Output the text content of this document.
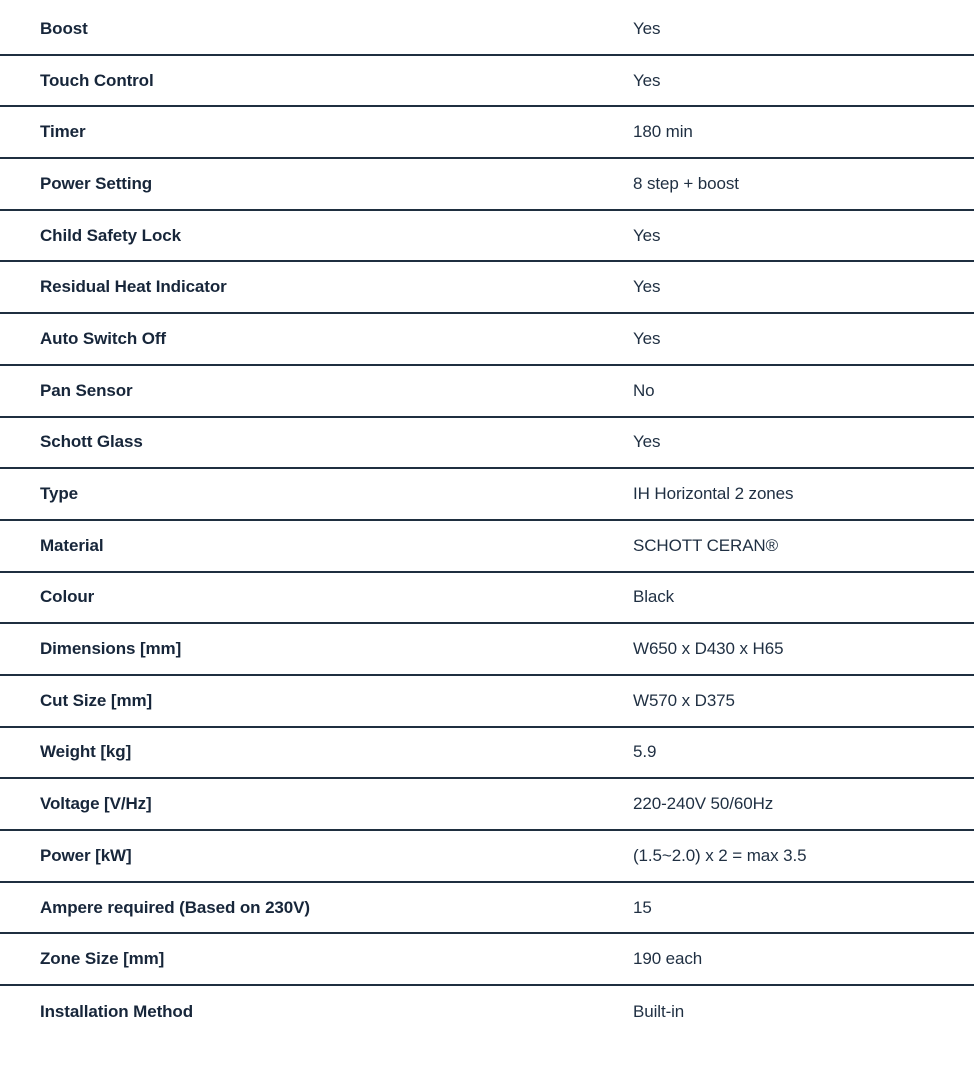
Boost	Yes
Touch Control	Yes
Timer	180 min
Power Setting	8 step + boost
Child Safety Lock	Yes
Residual Heat Indicator	Yes
Auto Switch Off	Yes
Pan Sensor	No
Schott Glass	Yes
Type	IH Horizontal 2 zones
Material	SCHOTT CERAN®
Colour	Black
Dimensions [mm]	W650 x D430 x H65
Cut Size [mm]	W570 x D375
Weight [kg]	5.9
Voltage [V/Hz]	220-240V 50/60Hz
Power [kW]	(1.5~2.0) x 2 = max 3.5
Ampere required (Based on 230V)	15
Zone Size [mm]	190 each
Installation Method	Built-in
